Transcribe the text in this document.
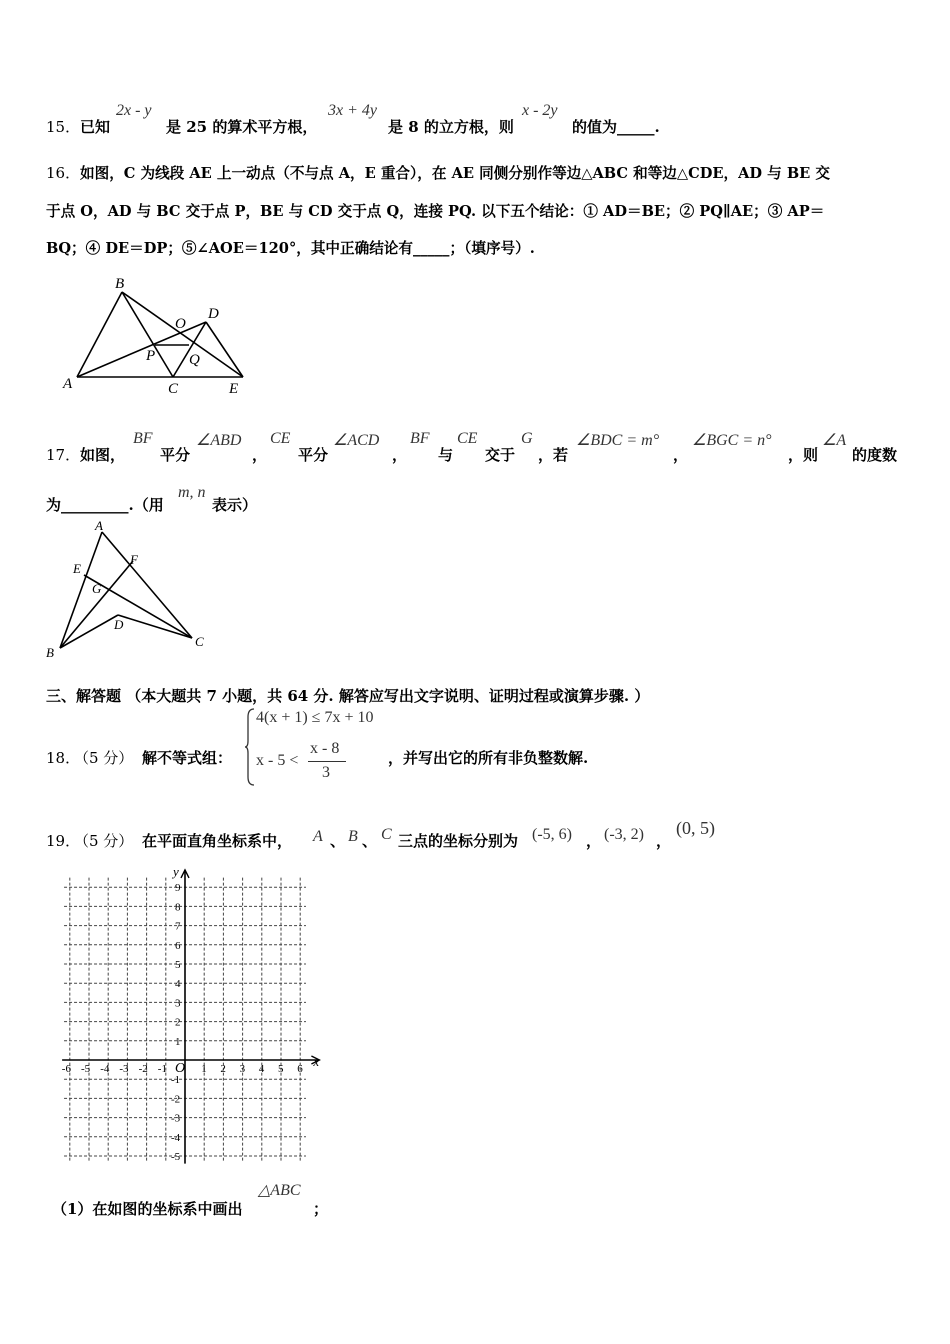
15． 已知
2x - y
是 25 的算术平方根，
3x + 4y
是 8 的立方根，则
x - 2y
的值为_____.
16． 如图，C 为线段 AE 上一动点（不与点 A，E 重合），在 AE 同侧分别作等边△ABC 和等边△CDE，AD 与 BE 交
于点 O，AD 与 BC 交于点 P，BE 与 CD 交于点 Q，连接 PQ. 以下五个结论：① AD＝BE；② PQ∥AE；③ AP＝
BQ；④ DE＝DP；⑤∠AOE＝120°，其中正确结论有_____；（填序号）.
B
D
O
P Q
A	C	E
17． 如图，
BF
平分
∠ABD
，
CE
平分
∠ACD
，
BF
与
CE
交于
G
，若
∠BDC = m°
，
∠BGC = n°
，则
∠A
的度数
为_________.（用
m, n
表示）
A
E
F
G
D
B
C
三、解答题 （本大题共 7 小题，共 64 分. 解答应写出文字说明、证明过程或演算步骤. ）
18．
（5 分） 解不等式组：
4(x + 1) ≤ 7x + 10
x - 5 <
x - 8
3
，并写出它的所有非负整数解.
19．
（5 分） 在平面直角坐标系中， A 、 B 、 C 三点的坐标分别为 (-5, 6) ， (-3, 2) ，
(0, 5)
x
y
-6 -5 -4 -3 -2 -1 O 1 2 3 4 5 6
9
8
7
6
5
4
3
2
1
-1
-2
-3
-4
-5
（1）在如图的坐标系中画出
△ABC
；
